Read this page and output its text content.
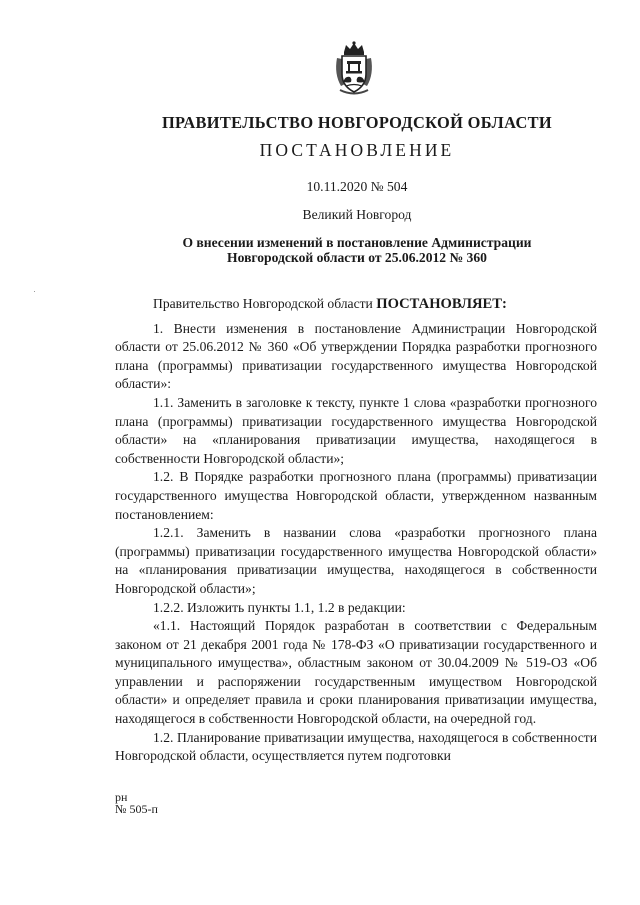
ПРАВИТЕЛЬСТВО НОВГОРОДСКОЙ ОБЛАСТИ
ПОСТАНОВЛЕНИЕ
10.11.2020 № 504
Великий Новгород
О внесении изменений в постановление Администрации
Новгородской области от 25.06.2012 № 360

Правительство Новгородской области ПОСТАНОВЛЯЕТ:

1. Внести изменения в постановление Администрации Новгородской области от 25.06.2012 № 360 «Об утверждении Порядка разработки прогнозного плана (программы) приватизации государственного имущества Новгородской области»:

1.1. Заменить в заголовке к тексту, пункте 1 слова «разработки прогнозного плана (программы) приватизации государственного имущества Новгородской области» на «планирования приватизации имущества, находящегося в собственности Новгородской области»;

1.2. В Порядке разработки прогнозного плана (программы) приватизации государственного имущества Новгородской области, утвержденном названным постановлением:

1.2.1. Заменить в названии слова «разработки прогнозного плана (программы) приватизации государственного имущества Новгородской области» на «планирования приватизации имущества, находящегося в собственности Новгородской области»;

1.2.2. Изложить пункты 1.1, 1.2 в редакции:

«1.1. Настоящий Порядок разработан в соответствии с Федеральным законом от 21 декабря 2001 года № 178-ФЗ «О приватизации государственного и муниципального имущества», областным законом от 30.04.2009 № 519-ОЗ «Об управлении и распоряжении государственным имуществом Новгородской области» и определяет правила и сроки планирования приватизации имущества, находящегося в собственности Новгородской области, на очередной год.

1.2. Планирование приватизации имущества, находящегося в собственности Новгородской области, осуществляется путем подготовки

рн
№ 505-п
